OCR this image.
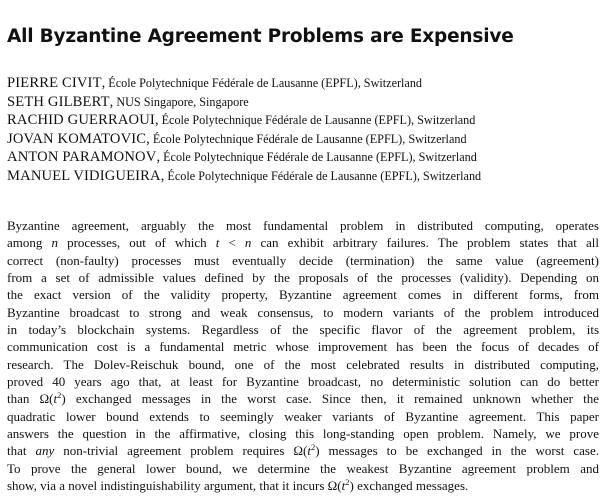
All Byzantine Agreement Problems are Expensive
PIERRE CIVIT, École Polytechnique Fédérale de Lausanne (EPFL), Switzerland
SETH GILBERT, NUS Singapore, Singapore
RACHID GUERRAOUI, École Polytechnique Fédérale de Lausanne (EPFL), Switzerland
JOVAN KOMATOVIC, École Polytechnique Fédérale de Lausanne (EPFL), Switzerland
ANTON PARAMONOV, École Polytechnique Fédérale de Lausanne (EPFL), Switzerland
MANUEL VIDIGUEIRA, École Polytechnique Fédérale de Lausanne (EPFL), Switzerland

Byzantine agreement, arguably the most fundamental problem in distributed computing, operates
among n processes, out of which t < n can exhibit arbitrary failures. The problem states that all
correct (non-faulty) processes must eventually decide (termination) the same value (agreement)
from a set of admissible values defined by the proposals of the processes (validity). Depending on
the exact version of the validity property, Byzantine agreement comes in different forms, from
Byzantine broadcast to strong and weak consensus, to modern variants of the problem introduced
in today’s blockchain systems. Regardless of the specific flavor of the agreement problem, its
communication cost is a fundamental metric whose improvement has been the focus of decades of
research. The Dolev-Reischuk bound, one of the most celebrated results in distributed computing,
proved 40 years ago that, at least for Byzantine broadcast, no deterministic solution can do better
than $\Omega(t^2)$ exchanged messages in the worst case. Since then, it remained unknown whether the
quadratic lower bound extends to seemingly weaker variants of Byzantine agreement. This paper
answers the question in the affirmative, closing this long-standing open problem. Namely, we prove
that any non-trivial agreement problem requires $\Omega(t^2)$ messages to be exchanged in the worst case.
To prove the general lower bound, we determine the weakest Byzantine agreement problem and
show, via a novel indistinguishability argument, that it incurs $\Omega(t^2)$ exchanged messages.
